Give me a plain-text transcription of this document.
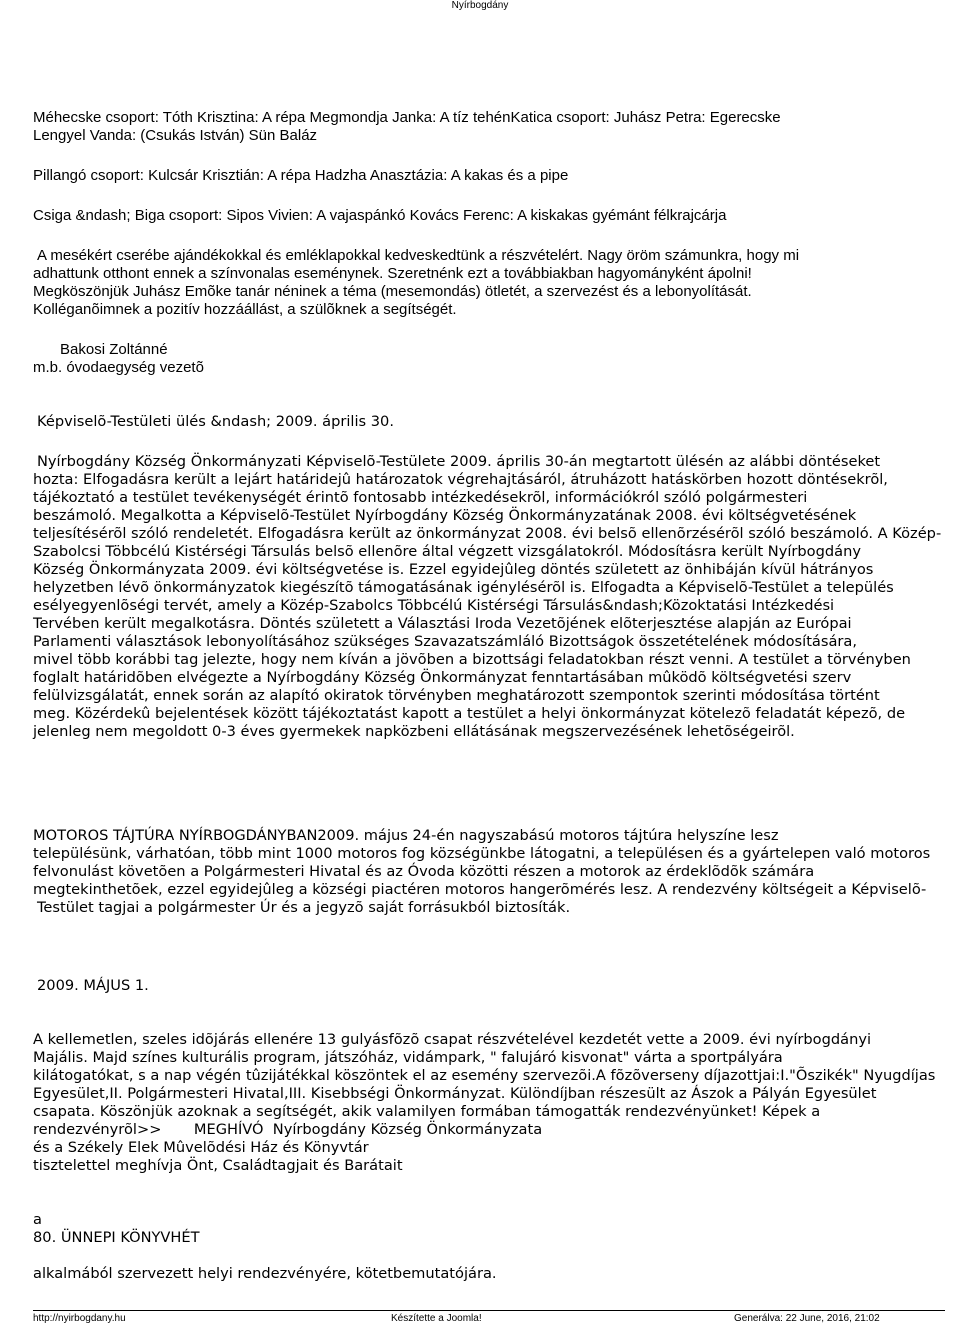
Nyírbogdány

Méhecske csoport: Tóth Krisztina: A répa Megmondja Janka: A tíz tehénKatica csoport: Juhász Petra: Egerecske

Lengyel Vanda: (Csukás István) Sün Baláz

Pillangó csoport: Kulcsár Krisztián: A répa Hadzha Anasztázia: A kakas és a pipe

Csiga &ndash; Biga csoport: Sipos Vivien: A vajaspánkó Kovács Ferenc: A kiskakas gyémánt félkrajcárja

A mesékért cserébe ajándékokkal és emléklapokkal kedveskedtünk a részvételért. Nagy öröm számunkra, hogy mi

adhattunk otthont ennek a színvonalas eseménynek. Szeretnénk ezt a továbbiakban hagyományként ápolni!

Megköszönjük Juhász Emõke tanár néninek a téma (mesemondás) ötletét, a szervezést és a lebonyolítását.

Kolléganõimnek a pozitív hozzáállást, a szülõknek a segítségét.

Bakosi Zoltánné

m.b. óvodaegység vezetõ

Képviselõ-Testületi ülés &ndash; 2009. április 30.

Nyírbogdány Község Önkormányzati Képviselõ-Testülete 2009. április 30-án megtartott ülésén az alábbi döntéseket

hozta: Elfogadásra került a lejárt határidejû határozatok végrehajtásáról, átruházott hatáskörben hozott döntésekrõl,

tájékoztató a testület tevékenységét érintõ fontosabb intézkedésekrõl, információkról szóló polgármesteri

beszámoló. Megalkotta a Képviselõ-Testület Nyírbogdány Község Önkormányzatának 2008. évi költségvetésének

teljesítésérõl szóló rendeletét. Elfogadásra került az önkormányzat 2008. évi belsõ ellenõrzésérõl szóló beszámoló. A Közép-

Szabolcsi Többcélú Kistérségi Társulás belsõ ellenõre által végzett vizsgálatokról. Módosításra került Nyírbogdány

Község Önkormányzata 2009. évi költségvetése is. Ezzel egyidejûleg döntés született az önhibáján kívül hátrányos

helyzetben lévõ önkormányzatok kiegészítõ támogatásának igénylésérõl is. Elfogadta a Képviselõ-Testület a település

esélyegyenlõségi tervét, amely a Közép-Szabolcs Többcélú Kistérségi Társulás&ndash;Közoktatási Intézkedési

Tervében került megalkotásra. Döntés született a Választási Iroda Vezetõjének elõterjesztése alapján az Európai

Parlamenti választások lebonyolításához szükséges Szavazatszámláló Bizottságok összetételének módosítására,

mivel több korábbi tag jelezte, hogy nem kíván a jövõben a bizottsági feladatokban részt venni. A testület a törvényben

foglalt határidõben elvégezte a Nyírbogdány Község Önkormányzat fenntartásában mûködõ költségvetési szerv

felülvizsgálatát, ennek során az alapító okiratok törvényben meghatározott szempontok szerinti módosítása történt

meg. Közérdekû bejelentések között tájékoztatást kapott a testület a helyi önkormányzat kötelezõ feladatát képezõ, de

jelenleg nem megoldott 0-3 éves gyermekek napközbeni ellátásának megszervezésének lehetõségeirõl.

MOTOROS TÁJTÚRA NYÍRBOGDÁNYBAN2009. május 24-én nagyszabású motoros tájtúra helyszíne lesz

településünk, várhatóan, több mint 1000 motoros fog községünkbe látogatni, a településen és a gyártelepen való motoros

felvonulást követõen a Polgármesteri Hivatal és az Óvoda közötti részen a motorok az érdeklõdõk számára

megtekinthetõek, ezzel egyidejûleg a községi piactéren motoros hangerõmérés lesz. A rendezvény költségeit a Képviselõ-

Testület tagjai a polgármester Úr és a jegyzõ saját forrásukból biztosíták.

2009. MÁJUS 1.

A kellemetlen, szeles idõjárás ellenére 13 gulyásfõzõ csapat részvételével kezdetét vette a 2009. évi nyírbogdányi

Majális. Majd színes kulturális program, játszóház, vidámpark, " falujáró kisvonat" várta a sportpályára

kilátogatókat, s a nap végén tûzijátékkal köszöntek el az esemény szervezõi.A fõzõverseny díjazottjai:I."Õszikék" Nyugdíjas

Egyesület,II. Polgármesteri Hivatal,III. Kisebbségi Önkormányzat. Különdíjban részesült az Ászok a Pályán Egyesület

csapata. Köszönjük azoknak a segítségét, akik valamilyen formában támogatták rendezvényünket! Képek a

rendezvényrõl>>       MEGHÍVÓ  Nyírbogdány Község Önkormányzata

és a Székely Elek Mûvelõdési Ház és Könyvtár

tisztelettel meghívja Önt, Családtagjait és Barátait

a

80. ÜNNEPI KÖNYVHÉT

alkalmából szervezett helyi rendezvényére, kötetbemutatójára.

http://nyirbogdany.hu	Készítette a Joomla!	Generálva: 22 June, 2016, 21:02
